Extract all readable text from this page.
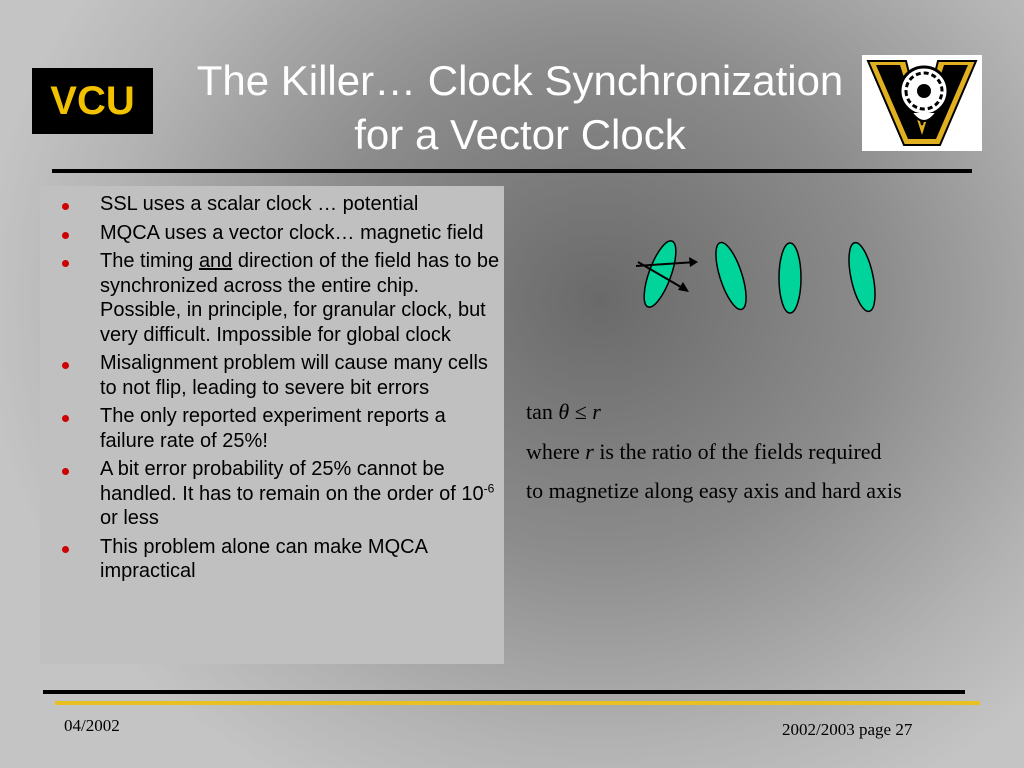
VCU	The Killer… Clock Synchronization
for a Vector Clock
SSL uses a scalar clock … potential
MQCA uses a vector clock… magnetic field
The timing and direction of the field has to be synchronized across the entire chip. Possible, in principle, for granular clock, but very difficult. Impossible for global clock
Misalignment problem will cause many cells to not flip, leading to severe bit errors
The only reported experiment reports a failure rate of 25%!
A bit error probability of 25% cannot be handled. It has to remain on the order of $10^{-6}$ or less
This problem alone can make MQCA impractical
tan θ ≤ r
where r is the ratio of the fields required
to magnetize along easy axis and hard axis
04/2002	2002/2003 page 27
